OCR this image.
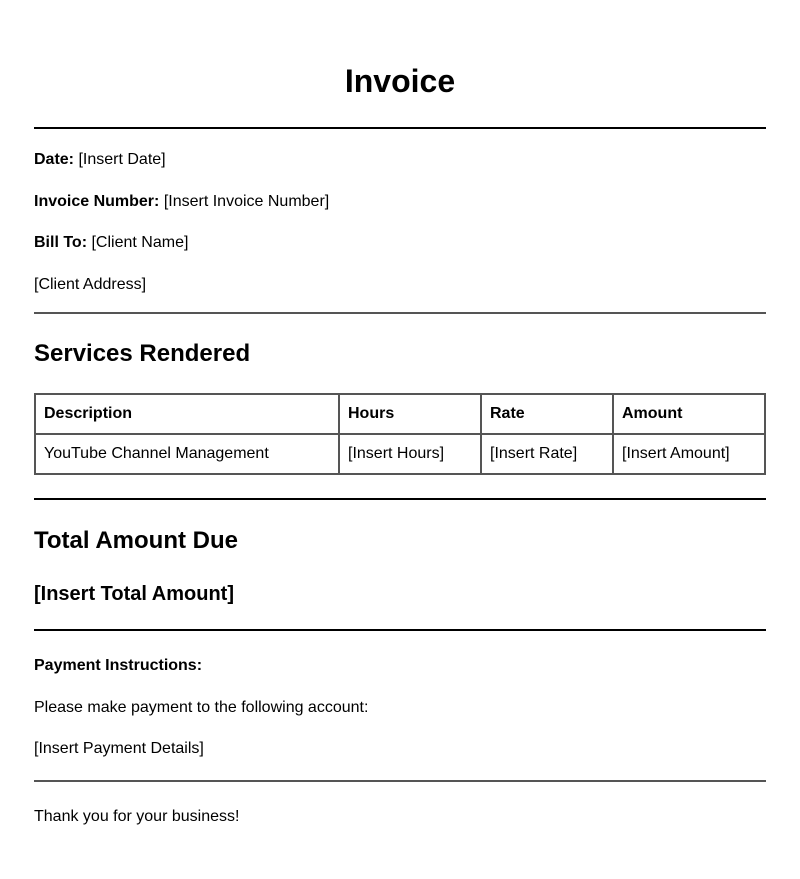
Invoice
Date: [Insert Date]
Invoice Number: [Insert Invoice Number]
Bill To: [Client Name]
[Client Address]
Services Rendered
Description	Hours	Rate	Amount
YouTube Channel Management	[Insert Hours]	[Insert Rate]	[Insert Amount]
Total Amount Due
[Insert Total Amount]
Payment Instructions:
Please make payment to the following account:
[Insert Payment Details]
Thank you for your business!
